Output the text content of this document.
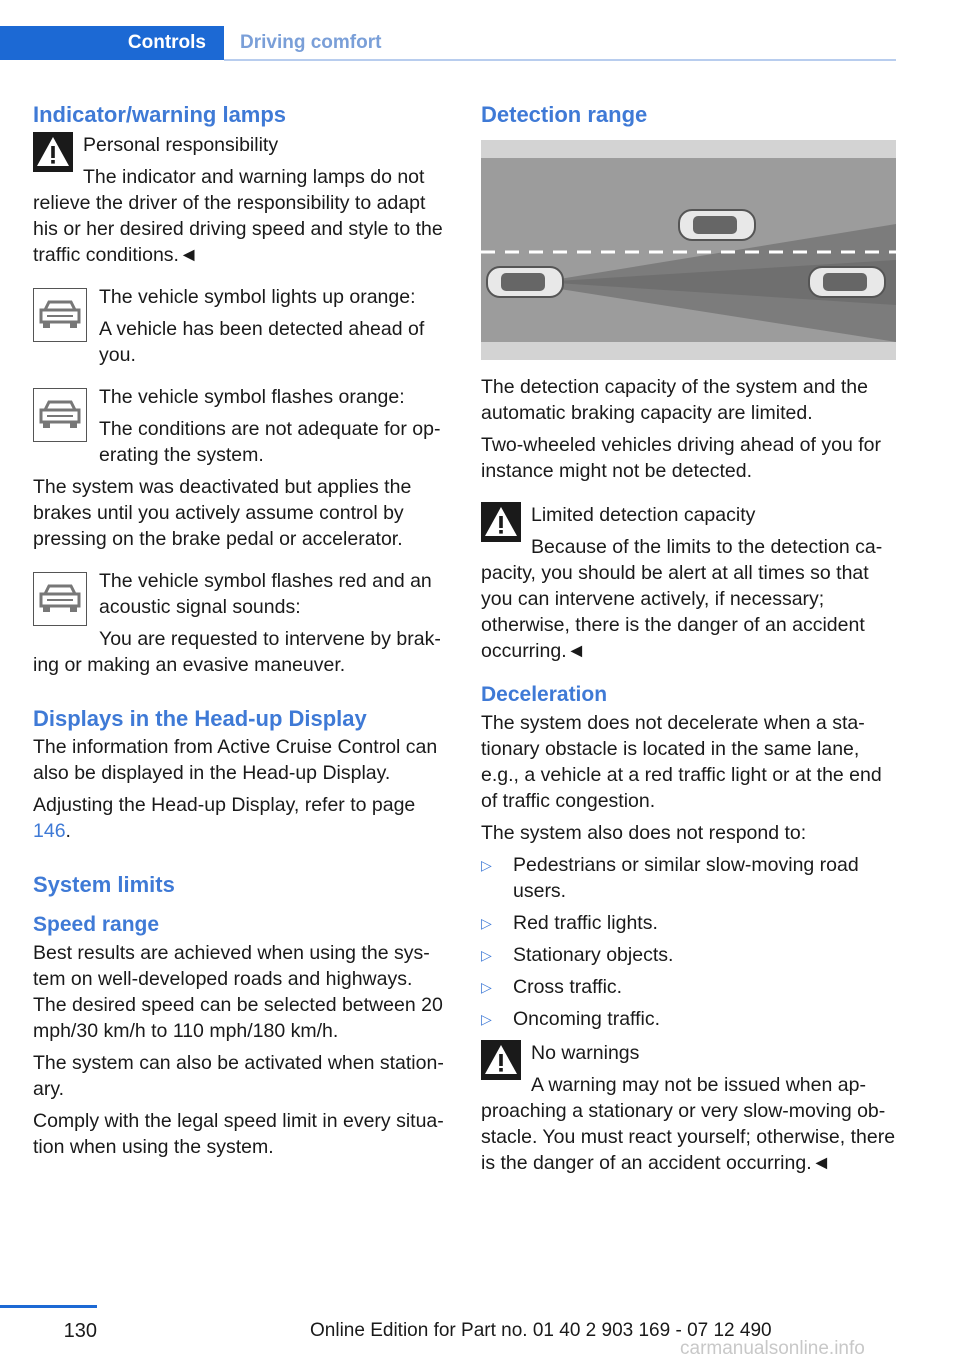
Controls	Driving comfort
Indicator/warning lamps

Personal responsibility

The indicator and warning lamps do not relieve the driver of the responsibility to adapt his or her desired driving speed and style to the traffic conditions.◄

The vehicle symbol lights up orange:

A vehicle has been detected ahead of you.

The vehicle symbol flashes orange:

The conditions are not adequate for operating the system.

The system was deactivated but applies the brakes until you actively assume control by pressing on the brake pedal or accelerator.

The vehicle symbol flashes red and an acoustic signal sounds:

You are requested to intervene by braking or making an evasive maneuver.

Displays in the Head-up Display

The information from Active Cruise Control can also be displayed in the Head-up Display.

Adjusting the Head-up Display, refer to page 146.

System limits
Speed range

Best results are achieved when using the system on well-developed roads and highways. The desired speed can be selected between 20 mph/30 km/h to 110 mph/180 km/h.

The system can also be activated when stationary.

Comply with the legal speed limit in every situation when using the system.

Detection range

The detection capacity of the system and the automatic braking capacity are limited.

Two-wheeled vehicles driving ahead of you for instance might not be detected.

Limited detection capacity

Because of the limits to the detection capacity, you should be alert at all times so that you can intervene actively, if necessary; otherwise, there is the danger of an accident occurring.◄

Deceleration

The system does not decelerate when a stationary obstacle is located in the same lane, e.g., a vehicle at a red traffic light or at the end of traffic congestion.

The system also does not respond to:

▷ Pedestrians or similar slow-moving road users.
▷ Red traffic lights.
▷ Stationary objects.
▷ Cross traffic.
▷ Oncoming traffic.

No warnings

A warning may not be issued when approaching a stationary or very slow-moving obstacle. You must react yourself; otherwise, there is the danger of an accident occurring.◄

130	Online Edition for Part no. 01 40 2 903 169 - 07 12 490
carmanualsonline.info
